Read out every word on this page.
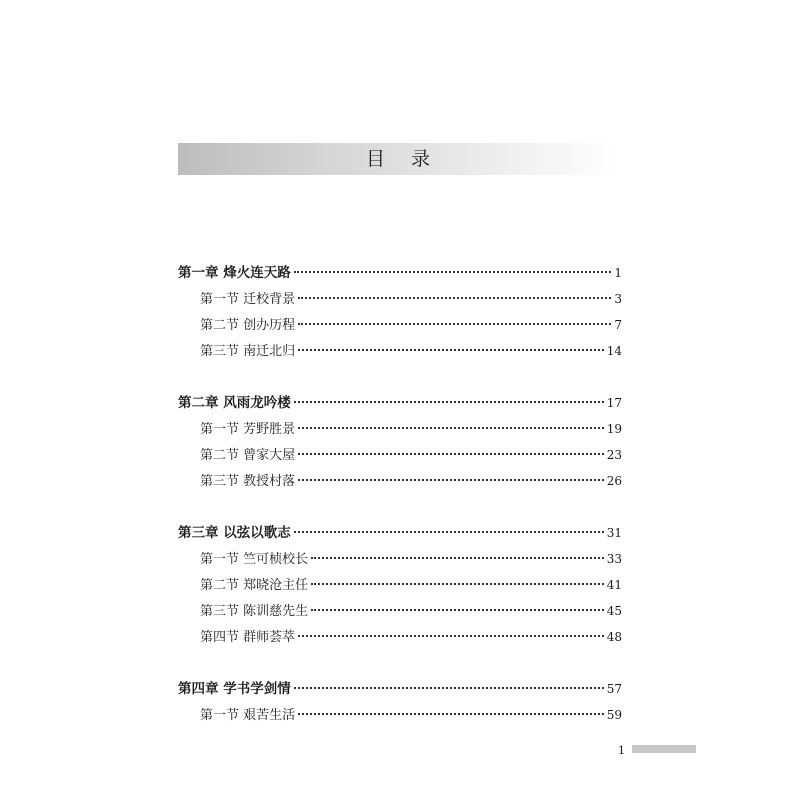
目 录
第一章 烽火连天路	1
第一节 迁校背景	3
第二节 创办历程	7
第三节 南迁北归	14
第二章 风雨龙吟楼	17
第一节 芳野胜景	19
第二节 曾家大屋	23
第三节 教授村落	26
第三章 以弦以歌志	31
第一节 竺可桢校长	33
第二节 郑晓沧主任	41
第三节 陈训慈先生	45
第四节 群师荟萃	48
第四章 学书学剑情	57
第一节 艰苦生活	59
1
